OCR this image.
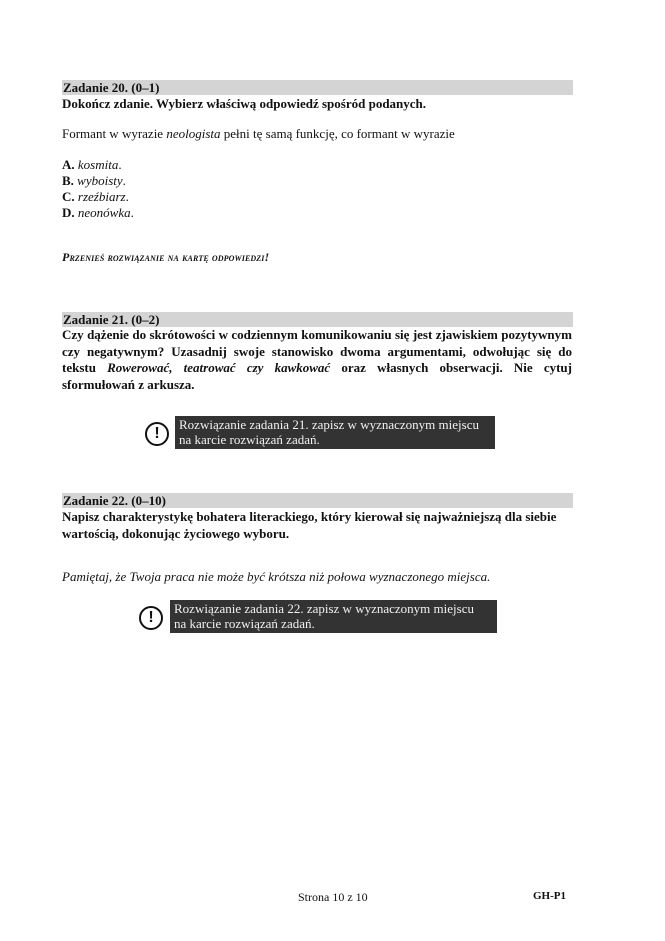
Zadanie 20. (0–1)
Dokończ zdanie. Wybierz właściwą odpowiedź spośród podanych.
Formant w wyrazie neologista pełni tę samą funkcję, co formant w wyrazie
A. kosmita.
B. wyboisty.
C. rzeźbiarz.
D. neonówka.
Przenieś rozwiązanie na kartę odpowiedzi!
Zadanie 21. (0–2)
Czy dążenie do skrótowości w codziennym komunikowaniu się jest zjawiskiem pozytywnym czy negatywnym? Uzasadnij swoje stanowisko dwoma argumentami, odwołując się do tekstu Rowerować, teatrować czy kawkować oraz własnych obserwacji. Nie cytuj sformułowań z arkusza.
!
Rozwiązanie zadania 21. zapisz w wyznaczonym miejscu
na karcie rozwiązań zadań.
Zadanie 22. (0–10)
Napisz charakterystykę bohatera literackiego, który kierował się najważniejszą dla siebie wartością, dokonując życiowego wyboru.
Pamiętaj, że Twoja praca nie może być krótsza niż połowa wyznaczonego miejsca.
!
Rozwiązanie zadania 22. zapisz w wyznaczonym miejscu
na karcie rozwiązań zadań.
Strona 10 z 10	GH-P1
